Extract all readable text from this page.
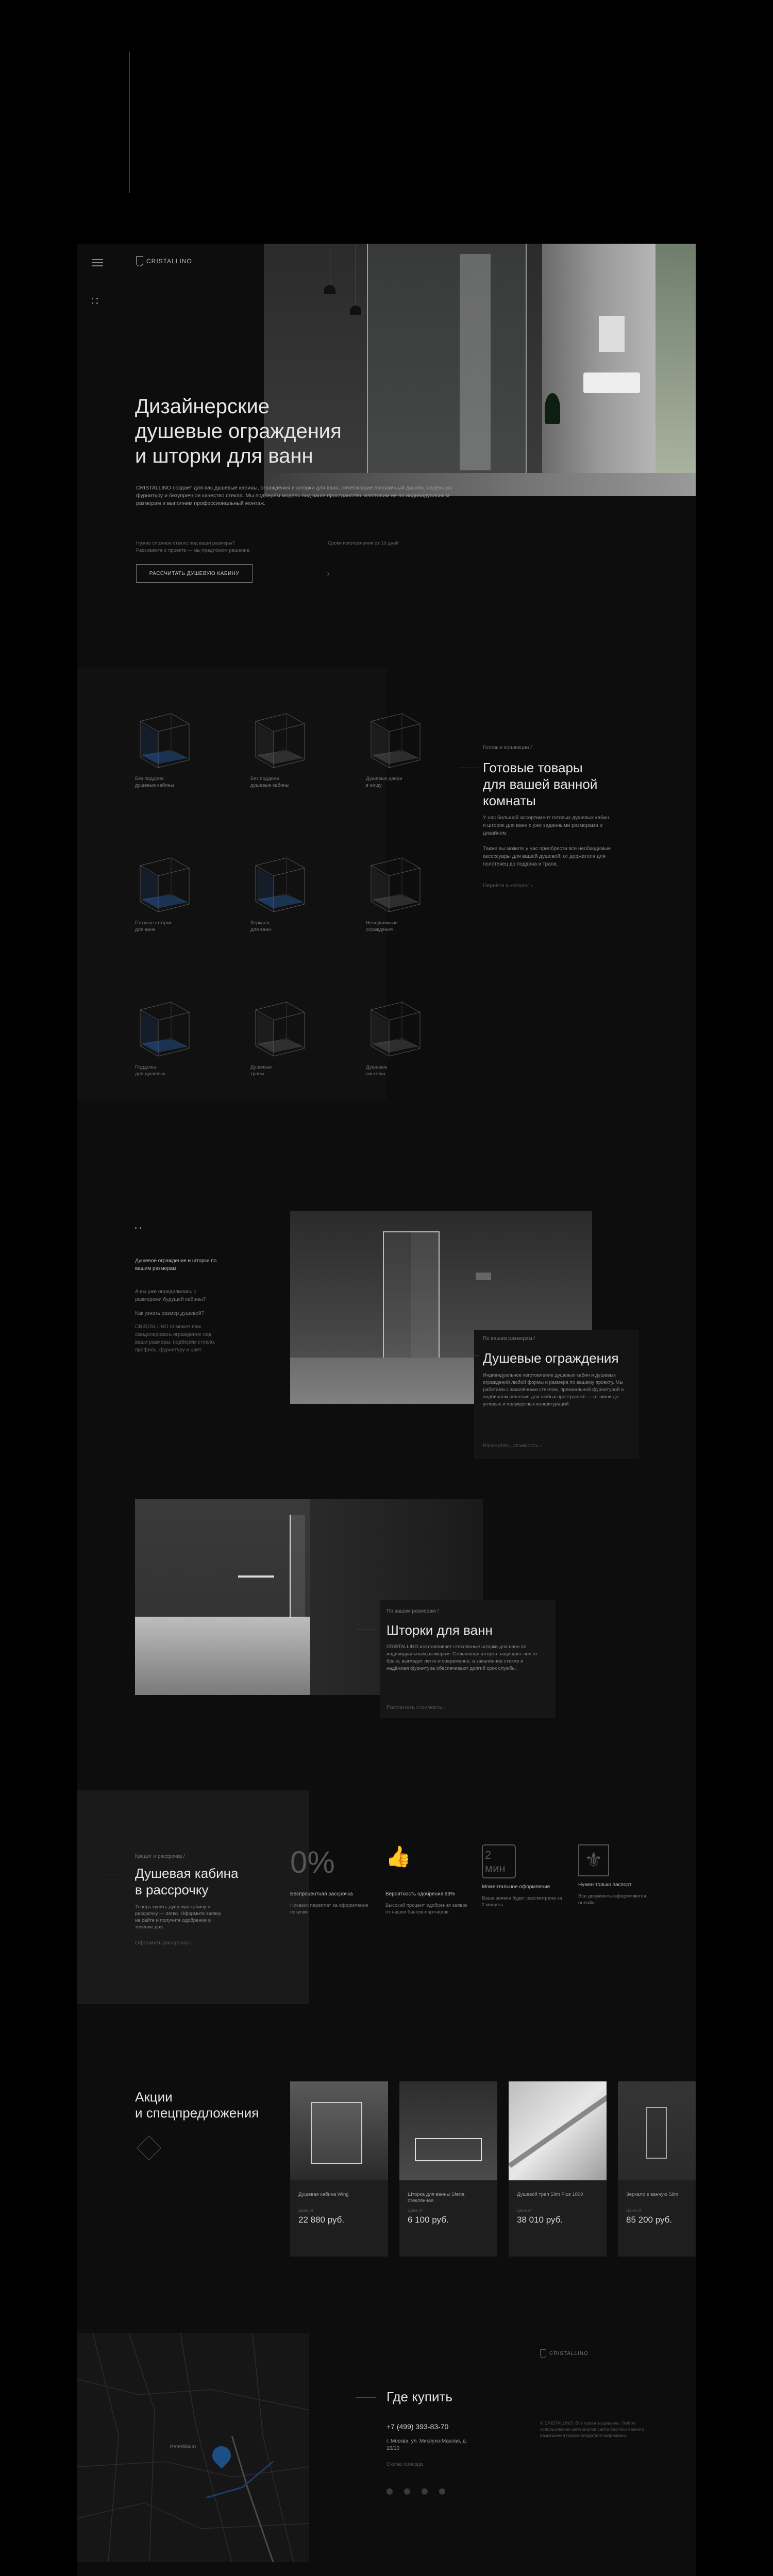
CRISTALLINO
Дизайнерские
душевые ограждения
и шторки для ванн
CRISTALLINO создает для вас душевые кабины, ограждения и шторки для ванн, сочетающие лаконичный дизайн, надёжную фурнитуру и безупречное качество стекла. Мы подберём модель под ваше пространство, изготовим её по индивидуальным размерам и выполним профессиональный монтаж.
Нужно сложное стекло под ваши размеры? Расскажите о проекте — мы предложим решение.
Сроки изготовления от 10 дней
РАССЧИТАТЬ ДУШЕВУЮ КАБИНУ	›
Без поддона
душевые кабины
Без поддона
душевые кабины
Душевые двери
в нишу
Готовые шторки
для ванн
Зеркала
для ванн
Неподвижные
ограждения
Поддоны
для душевых
Душевые
трапы
Душевые
системы
Готовые коллекции /
Готовые товары
для вашей ванной
комнаты
У нас большой ассортимент готовых душевых кабин и шторок для ванн с уже заданными размерами и дизайном.
Также вы можете у нас приобрести все необходимые аксессуары для вашей душевой: от держателя для полотенец до поддона и трапа.
Перейти в каталог ›
Душевое ограждение и шторки по вашим размерам
А вы уже определились с размерами будущей кабины?
Как узнать размер душевой?
CRISTALLINO поможет вам смоделировать ограждение под ваши размеры: подберём стекло, профиль, фурнитуру и цвет.
По вашим размерам /
Душевые ограждения
Индивидуальное изготовление душевых кабин и душевых ограждений любой формы и размера по вашему проекту. Мы работаем с закалённым стеклом, премиальной фурнитурой и подбираем решения для любых пространств — от ниши до угловых и полукруглых конфигураций.
Рассчитать стоимость ›
По вашим размерам /
Шторки для ванн
CRISTALLINO изготавливает стеклянные шторки для ванн по индивидуальным размерам. Стеклянная шторка защищает пол от брызг, выглядит легко и современно, а закалённое стекло и надёжная фурнитура обеспечивают долгий срок службы.
Рассчитать стоимость ›
Кредит и рассрочка /
Душевая кабина
в рассрочку
Теперь купить душевую кабину в рассрочку — легко. Оформите заявку на сайте и получите одобрение в течение дня.
Оформить рассрочку ›
0%
Беспроцентная рассрочка
Никаких переплат за оформление покупки
👍
Вероятность одобрения 99%
Высокий процент одобрения заявок от наших банков-партнёров
2 мин
Моментальное оформление
Ваша заявка будет рассмотрена за 2 минуты
⚜
Нужен только паспорт
Все документы оформляются онлайн
Акции
и спецпредложения
Душевая кабина Wing
Цена от
22 880 руб.
Шторка для ванны Sferta стеклянная
Цена от
6 100 руб.
Душевой трап Slim Plus 1000
Цена от
38 010 руб.
Зеркало в ванную Slim
Цена от
85 200 руб.
Peterlinium
Где купить
+7 (499) 393-83-70
г. Москва, ул. Миклухо-Маклая, д. 16/10
Схема проезда
CRISTALLINO
© CRISTALLINO. Все права защищены. Любое использование материалов сайта без письменного разрешения правообладателя запрещено.
